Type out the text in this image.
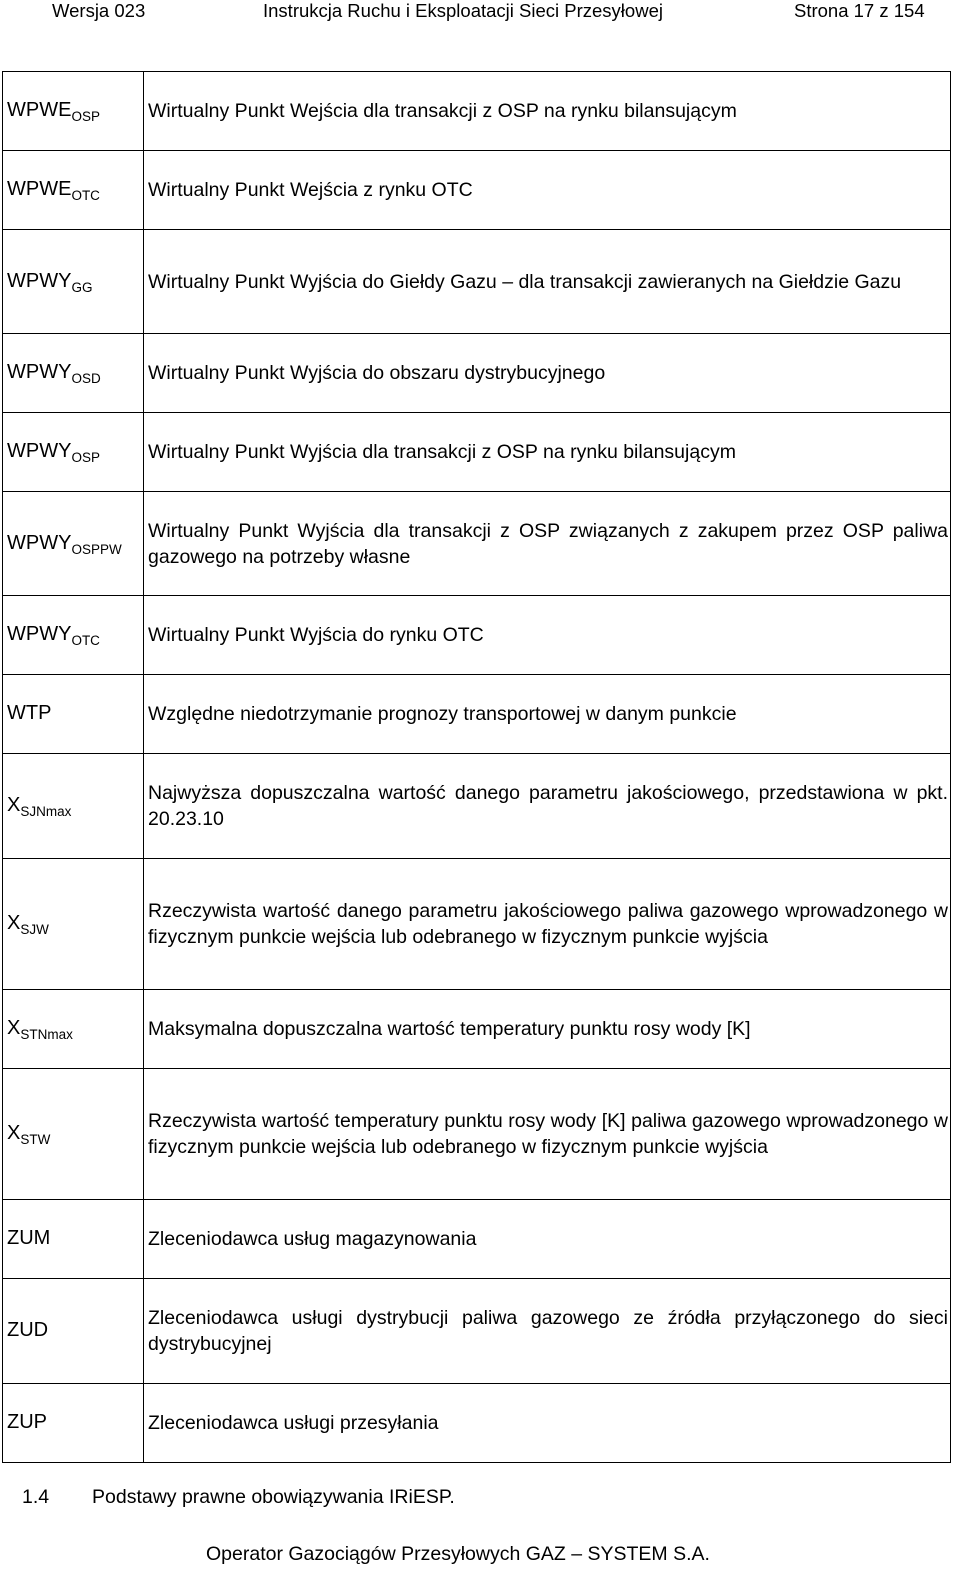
Wersja 023	Instrukcja Ruchu i Eksploatacji Sieci Przesyłowej	Strona 17 z 154
$WPWE_{OSP}$	Wirtualny Punkt Wejścia dla transakcji z OSP na rynku bilansującym
$WPWE_{OTC}$	Wirtualny Punkt Wejścia z rynku OTC
$WPWY_{GG}$	Wirtualny Punkt Wyjścia do Giełdy Gazu – dla transakcji zawieranych na Giełdzie Gazu
$WPWY_{OSD}$	Wirtualny Punkt Wyjścia do obszaru dystrybucyjnego
$WPWY_{OSP}$	Wirtualny Punkt Wyjścia dla transakcji z OSP na rynku bilansującym
$WPWY_{OSPPW}$	Wirtualny Punkt Wyjścia dla transakcji z OSP związanych z zakupem przez OSP paliwa gazowego na potrzeby własne
$WPWY_{OTC}$	Wirtualny Punkt Wyjścia do rynku OTC
WTP	Względne niedotrzymanie prognozy transportowej w danym punkcie
$X_{SJNmax}$	Najwyższa dopuszczalna wartość danego parametru jakościowego, przedstawiona w pkt. 20.23.10
$X_{SJW}$	Rzeczywista wartość danego parametru jakościowego paliwa gazowego wprowadzonego w fizycznym punkcie wejścia lub odebranego w fizycznym punkcie wyjścia
$X_{STNmax}$	Maksymalna dopuszczalna wartość temperatury punktu rosy wody [K]
$X_{STW}$	Rzeczywista wartość temperatury punktu rosy wody [K] paliwa gazowego wprowadzonego w fizycznym punkcie wejścia lub odebranego w fizycznym punkcie wyjścia
ZUM	Zleceniodawca usług magazynowania
ZUD	Zleceniodawca usługi dystrybucji paliwa gazowego ze źródła przyłączonego do sieci dystrybucyjnej
ZUP	Zleceniodawca usługi przesyłania
1.4 Podstawy prawne obowiązywania IRiESP.
Operator Gazociągów Przesyłowych GAZ – SYSTEM S.A.
